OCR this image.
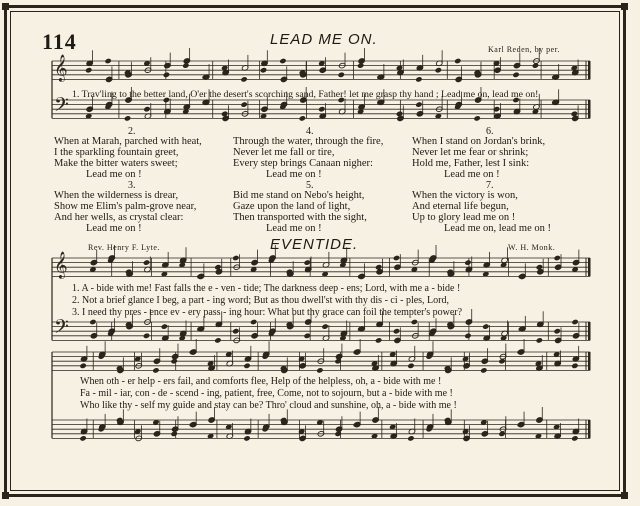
𝄞
𝄢
𝄞
𝄢
114	LEAD ME ON.
Karl Reden, by per.
1. Trav'ling to the better land, O'er the desert's scorching sand, Father! let me grasp thy hand ; Lead me on, lead me on!
2.
When at Marah, parched with heat,
I the sparkling fountain greet,
Make the bitter waters sweet;
Lead me on !
3.
When the wilderness is drear,
Show me Elim's palm-grove near,
And her wells, as crystal clear:
Lead me on !
4.
Through the water, through the fire,
Never let me fall or tire,
Every step brings Canaan nigher:
Lead me on !
5.
Bid me stand on Nebo's height,
Gaze upon the land of light,
Then transported with the sight,
Lead me on !
6.
When I stand on Jordan's brink,
Never let me fear or shrink;
Hold me, Father, lest I sink:
Lead me on !
7.
When the victory is won,
And eternal life begun,
Up to glory lead me on !
Lead me on, lead me on !
Rev. Henry F. Lyte.	EVENTIDE.	W. H. Monk.
1. A - bide with me! Fast falls the e - ven - tide; The darkness deep - ens; Lord, with me a - bide !
2. Not a brief glance I beg, a part - ing word; But as thou dwell'st with thy dis - ci - ples, Lord,
3. I need thy pres - ence ev - ery pass - ing hour: What but thy grace can foil the tempter's power?
When oth - er help - ers fail, and comforts flee, Help of the helpless, oh, a - bide with me !
Fa - mil - iar, con - de - scend - ing, patient, free, Come, not to sojourn, but a - bide with me !
Who like thy - self my guide and stay can be? Thro' cloud and sunshine, oh, a - bide with me !
